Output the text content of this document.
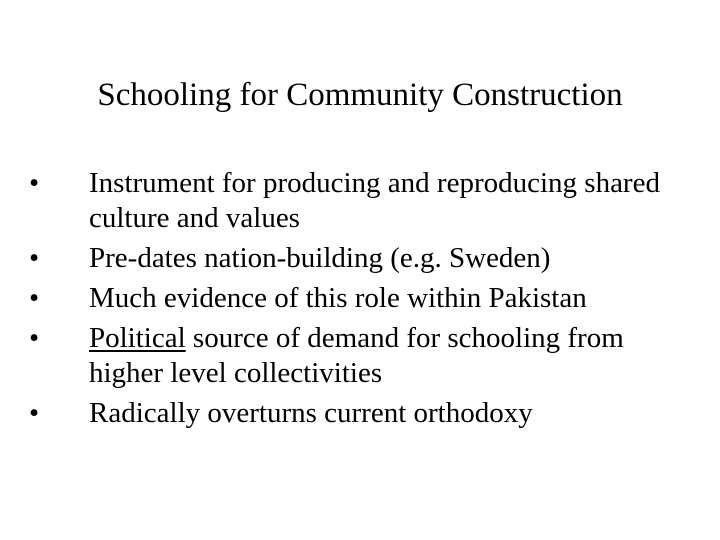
Schooling for Community Construction
•	Instrument for producing and reproducing shared culture and values
•	Pre-dates nation-building (e.g. Sweden)
•	Much evidence of this role within Pakistan
•	Political source of demand for schooling from higher level collectivities
•	Radically overturns current orthodoxy
